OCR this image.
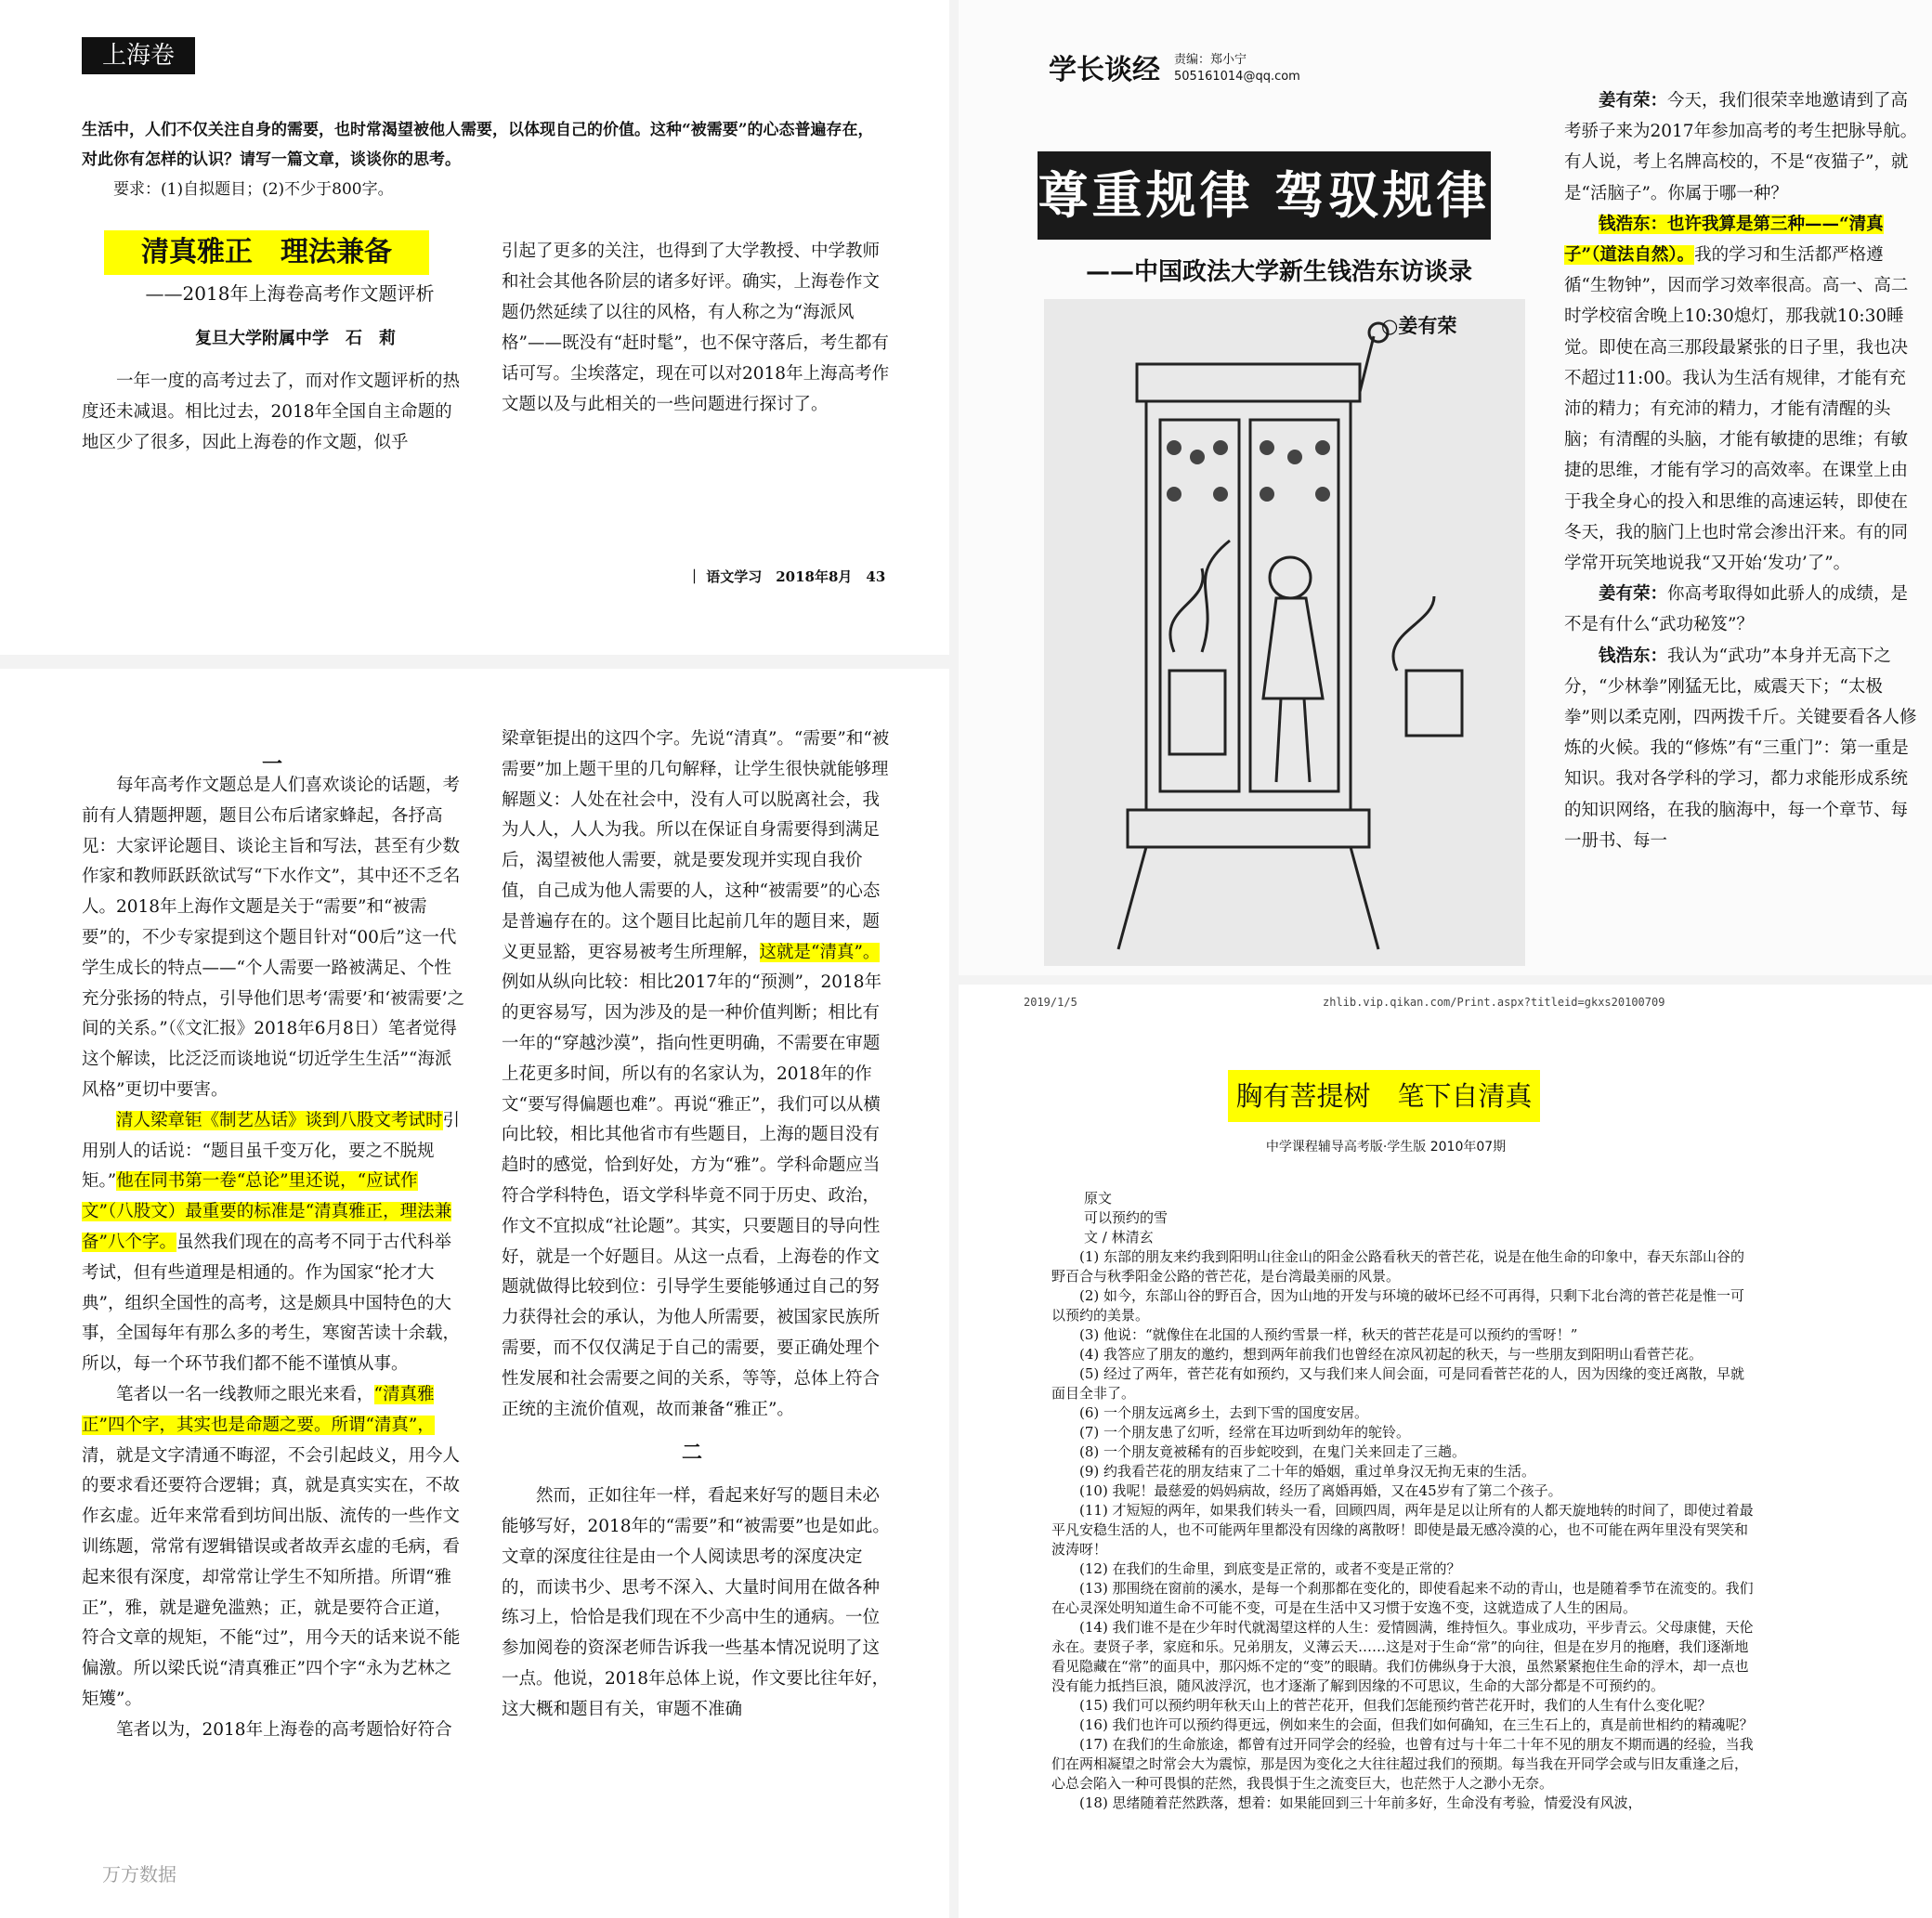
上海卷
生活中，人们不仅关注自身的需要，也时常渴望被他人需要，以体现自己的价值。这种“被需要”的心态普遍存在，对此你有怎样的认识？请写一篇文章，谈谈你的思考。
要求：(1)自拟题目；(2)不少于800字。
清真雅正　理法兼备
——2018年上海卷高考作文题评析
复旦大学附属中学　石　莉

一年一度的高考过去了，而对作文题评析的热度还未减退。相比过去，2018年全国自主命题的地区少了很多，因此上海卷的作文题，似乎

引起了更多的关注，也得到了大学教授、中学教师和社会其他各阶层的诸多好评。确实，上海卷作文题仍然延续了以往的风格，有人称之为“海派风格”——既没有“赶时髦”，也不保守落后，考生都有话可写。尘埃落定，现在可以对2018年上海高考作文题以及与此相关的一些问题进行探讨了。

｜ 语文学习　2018年8月　43
一

每年高考作文题总是人们喜欢谈论的话题，考前有人猜题押题，题目公布后诸家蜂起，各抒高见：大家评论题目、谈论主旨和写法，甚至有少数作家和教师跃跃欲试写“下水作文”，其中还不乏名人。2018年上海作文题是关于“需要”和“被需要”的，不少专家提到这个题目针对“00后”这一代学生成长的特点——“个人需要一路被满足、个性充分张扬的特点，引导他们思考‘需要’和‘被需要’之间的关系。”（《文汇报》2018年6月8日）笔者觉得这个解读，比泛泛而谈地说“切近学生生活”“海派风格”更切中要害。

清人梁章钜《制艺丛话》谈到八股文考试时引用别人的话说：“题目虽千变万化，要之不脱规矩。”他在同书第一卷“总论”里还说，“应试作文”（八股文）最重要的标准是“清真雅正，理法兼备”八个字。虽然我们现在的高考不同于古代科举考试，但有些道理是相通的。作为国家“抡才大典”，组织全国性的高考，这是颇具中国特色的大事，全国每年有那么多的考生，寒窗苦读十余载，所以，每一个环节我们都不能不谨慎从事。

笔者以一名一线教师之眼光来看，“清真雅正”四个字，其实也是命题之要。所谓“清真”，清，就是文字清通不晦涩，不会引起歧义，用今人的要求看还要符合逻辑；真，就是真实实在，不故作玄虚。近年来常看到坊间出版、流传的一些作文训练题，常常有逻辑错误或者故弄玄虚的毛病，看起来很有深度，却常常让学生不知所措。所谓“雅正”，雅，就是避免滥熟；正，就是要符合正道，符合文章的规矩，不能“过”，用今天的话来说不能偏激。所以梁氏说“清真雅正”四个字“永为艺林之矩矱”。

笔者以为，2018年上海卷的高考题恰好符合

梁章钜提出的这四个字。先说“清真”。“需要”和“被需要”加上题干里的几句解释，让学生很快就能够理解题义：人处在社会中，没有人可以脱离社会，我为人人，人人为我。所以在保证自身需要得到满足后，渴望被他人需要，就是要发现并实现自我价值，自己成为他人需要的人，这种“被需要”的心态是普遍存在的。这个题目比起前几年的题目来，题义更显豁，更容易被考生所理解，这就是“清真”。例如从纵向比较：相比2017年的“预测”，2018年的更容易写，因为涉及的是一种价值判断；相比有一年的“穿越沙漠”，指向性更明确，不需要在审题上花更多时间，所以有的名家认为，2018年的作文“要写得偏题也难”。再说“雅正”，我们可以从横向比较，相比其他省市有些题目，上海的题目没有趋时的感觉，恰到好处，方为“雅”。学科命题应当符合学科特色，语文学科毕竟不同于历史、政治，作文不宜拟成“社论题”。其实，只要题目的导向性好，就是一个好题目。从这一点看，上海卷的作文题就做得比较到位：引导学生要能够通过自己的努力获得社会的承认，为他人所需要，被国家民族所需要，而不仅仅满足于自己的需要，要正确处理个性发展和社会需要之间的关系，等等，总体上符合正统的主流价值观，故而兼备“雅正”。

二

然而，正如往年一样，看起来好写的题目未必能够写好，2018年的“需要”和“被需要”也是如此。文章的深度往往是由一个人阅读思考的深度决定的，而读书少、思考不深入、大量时间用在做各种练习上，恰恰是我们现在不少高中生的通病。一位参加阅卷的资深老师告诉我一些基本情况说明了这一点。他说，2018年总体上说，作文要比往年好，这大概和题目有关，审题不准确

万方数据
学长谈经 责编：郑小宁
505161014@qq.com
尊重规律 驾驭规律
——中国政法大学新生钱浩东访谈录
○姜有荣

姜有荣：今天，我们很荣幸地邀请到了高考骄子来为2017年参加高考的考生把脉导航。有人说，考上名牌高校的，不是“夜猫子”，就是“活脑子”。你属于哪一种？

钱浩东：也许我算是第三种——“清真子”（道法自然）。我的学习和生活都严格遵循“生物钟”，因而学习效率很高。高一、高二时学校宿舍晚上10:30熄灯，那我就10:30睡觉。即使在高三那段最紧张的日子里，我也决不超过11:00。我认为生活有规律，才能有充沛的精力；有充沛的精力，才能有清醒的头脑；有清醒的头脑，才能有敏捷的思维；有敏捷的思维，才能有学习的高效率。在课堂上由于我全身心的投入和思维的高速运转，即使在冬天，我的脑门上也时常会渗出汗来。有的同学常开玩笑地说我“又开始‘发功’了”。

姜有荣：你高考取得如此骄人的成绩，是不是有什么“武功秘笈”？

钱浩东：我认为“武功”本身并无高下之分，“少林拳”刚猛无比，威震天下；“太极拳”则以柔克刚，四两拨千斤。关键要看各人修炼的火候。我的“修炼”有“三重门”：第一重是知识。我对各学科的学习，都力求能形成系统的知识网络，在我的脑海中，每一个章节、每一册书、每一

2019/1/5	zhlib.vip.qikan.com/Print.aspx?titleid=gkxs20100709
胸有菩提树　笔下自清真
中学课程辅导高考版·学生版 2010年07期
原文
可以预约的雪
文 / 林清玄

(1) 东部的朋友来约我到阳明山往金山的阳金公路看秋天的菅芒花，说是在他生命的印象中，春天东部山谷的野百合与秋季阳金公路的菅芒花，是台湾最美丽的风景。

(2) 如今，东部山谷的野百合，因为山地的开发与环境的破坏已经不可再得，只剩下北台湾的菅芒花是惟一可以预约的美景。

(3) 他说：“就像住在北国的人预约雪景一样，秋天的菅芒花是可以预约的雪呀！”

(4) 我答应了朋友的邀约，想到两年前我们也曾经在凉风初起的秋天，与一些朋友到阳明山看菅芒花。

(5) 经过了两年，菅芒花有如预约，又与我们来人间会面，可是同看菅芒花的人，因为因缘的变迁离散，早就面目全非了。

(6) 一个朋友远离乡土，去到下雪的国度安居。

(7) 一个朋友患了幻听，经常在耳边听到幼年的鸵铃。

(8) 一个朋友竟被稀有的百步蛇咬到，在鬼门关来回走了三趟。

(9) 约我看芒花的朋友结束了二十年的婚姻，重过单身汉无拘无束的生活。

(10) 我呢！最慈爱的妈妈病故，经历了离婚再婚，又在45岁有了第二个孩子。

(11) 才短短的两年，如果我们转头一看，回顾四周，两年是足以让所有的人都天旋地转的时间了，即使过着最平凡安稳生活的人，也不可能两年里都没有因缘的离散呀！即使是最无感冷漠的心，也不可能在两年里没有哭笑和波涛呀！

(12) 在我们的生命里，到底变是正常的，或者不变是正常的？

(13) 那围绕在窗前的溪水，是每一个刹那都在变化的，即使看起来不动的青山，也是随着季节在流变的。我们在心灵深处明知道生命不可能不变，可是在生活中又习惯于安逸不变，这就造成了人生的困局。

(14) 我们谁不是在少年时代就渴望这样的人生：爱情圆满，维持恒久。事业成功，平步青云。父母康健，天伦永在。妻贤子孝，家庭和乐。兄弟朋友，义薄云天……这是对于生命“常”的向往，但是在岁月的拖磨，我们逐渐地看见隐藏在“常”的面具中，那闪烁不定的“变”的眼睛。我们仿佛纵身于大浪，虽然紧紧抱住生命的浮木，却一点也没有能力抵挡巨浪，随风波浮沉，也才逐渐了解到因缘的不可思议，生命的大部分都是不可预约的。

(15) 我们可以预约明年秋天山上的菅芒花开，但我们怎能预约菅芒花开时，我们的人生有什么变化呢？

(16) 我们也许可以预约得更远，例如来生的会面，但我们如何确知，在三生石上的，真是前世相约的精魂呢？

(17) 在我们的生命旅途，都曾有过开同学会的经验，也曾有过与十年二十年不见的朋友不期而遇的经验，当我们在两相凝望之时常会大为震惊，那是因为变化之大往往超过我们的预期。每当我在开同学会或与旧友重逢之后，心总会陷入一种可畏惧的茫然，我畏惧于生之流变巨大，也茫然于人之渺小无奈。

(18) 思绪随着茫然跌落，想着：如果能回到三十年前多好，生命没有考验，情爱没有风波，
